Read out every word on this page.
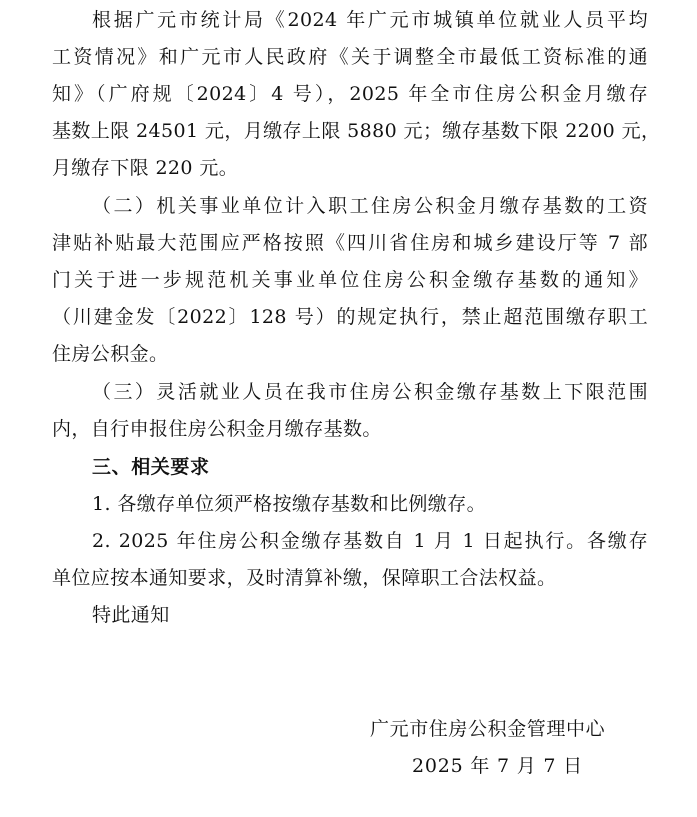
根据广元市统计局《2024 年广元市城镇单位就业人员平均
工资情况》和广元市人民政府《关于调整全市最低工资标准的通
知》（广府规〔2024〕4 号），2025 年全市住房公积金月缴存
基数上限 24501 元，月缴存上限 5880 元；缴存基数下限 2200 元，
月缴存下限 220 元。
（二）机关事业单位计入职工住房公积金月缴存基数的工资
津贴补贴最大范围应严格按照《四川省住房和城乡建设厅等 7 部
门关于进一步规范机关事业单位住房公积金缴存基数的通知》
（川建金发〔2022〕128 号）的规定执行，禁止超范围缴存职工
住房公积金。
（三）灵活就业人员在我市住房公积金缴存基数上下限范围
内，自行申报住房公积金月缴存基数。
三、相关要求
1. 各缴存单位须严格按缴存基数和比例缴存。
2. 2025 年住房公积金缴存基数自 1 月 1 日起执行。各缴存
单位应按本通知要求，及时清算补缴，保障职工合法权益。
特此通知
广元市住房公积金管理中心
2025 年 7 月 7 日
